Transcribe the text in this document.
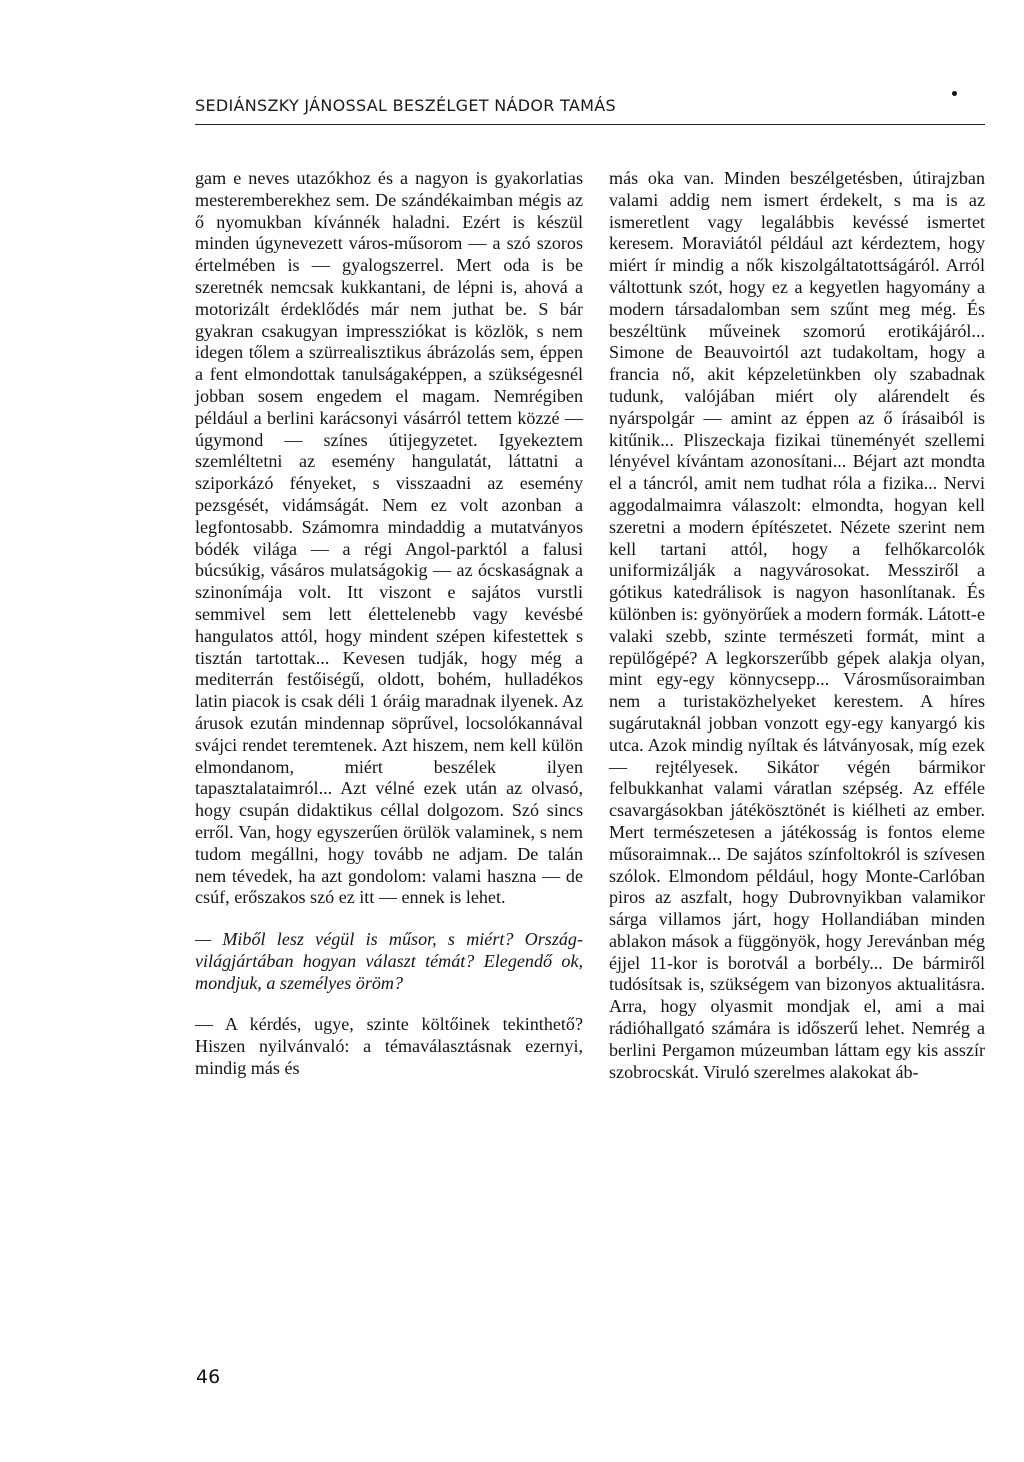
SEDIÁNSZKY JÁNOSSAL BESZÉLGET NÁDOR TAMÁS

gam e neves utazókhoz és a nagyon is gyakorlatias mesteremberekhez sem. De szándékaimban mégis az ő nyomukban kívánnék haladni. Ezért is készül minden úgynevezett város-műsorom — a szó szoros értelmében is — gyalogszerrel. Mert oda is be szeretnék nemcsak kukkantani, de lépni is, ahová a motorizált érdeklődés már nem juthat be. S bár gyakran csakugyan impressziókat is közlök, s nem idegen tőlem a szürrealisztikus ábrázolás sem, éppen a fent elmondottak tanulságaképpen, a szükségesnél jobban sosem engedem el magam. Nemrégiben például a berlini karácsonyi vásárról tettem közzé — úgymond — színes útijegyzetet. Igyekeztem szemléltetni az esemény hangulatát, láttatni a sziporkázó fényeket, s visszaadni az esemény pezsgését, vidámságát. Nem ez volt azonban a legfontosabb. Számomra mindaddig a mutatványos bódék világa — a régi Angol-parktól a falusi búcsúkig, vásáros mulatságokig — az ócskaságnak a szinonímája volt. Itt viszont e sajátos vurstli semmivel sem lett élettelenebb vagy kevésbé hangulatos attól, hogy mindent szépen kifestettek s tisztán tartottak... Kevesen tudják, hogy még a mediterrán festőiségű, oldott, bohém, hulladékos latin piacok is csak déli 1 óráig maradnak ilyenek. Az árusok ezután mindennap söprűvel, locsolókannával svájci rendet teremtenek. Azt hiszem, nem kell külön elmondanom, miért beszélek ilyen tapasztalataimról... Azt vélné ezek után az olvasó, hogy csupán didaktikus céllal dolgozom. Szó sincs erről. Van, hogy egyszerűen örülök valaminek, s nem tudom megállni, hogy tovább ne adjam. De talán nem tévedek, ha azt gondolom: valami haszna — de csúf, erőszakos szó ez itt — ennek is lehet.

— Miből lesz végül is műsor, s miért? Ország-világjártában hogyan választ témát? Elegendő ok, mondjuk, a személyes öröm?

— A kérdés, ugye, szinte költőinek tekinthető? Hiszen nyilvánvaló: a témaválasztásnak ezernyi, mindig más és

más oka van. Minden beszélgetésben, útirajzban valami addig nem ismert érdekelt, s ma is az ismeretlent vagy legalábbis kevéssé ismertet keresem. Moraviától például azt kérdeztem, hogy miért ír mindig a nők kiszolgáltatottságáról. Arról váltottunk szót, hogy ez a kegyetlen hagyomány a modern társadalomban sem szűnt meg még. És beszéltünk műveinek szomorú erotikájáról... Simone de Beauvoirtól azt tudakoltam, hogy a francia nő, akit képzeletünkben oly szabadnak tudunk, valójában miért oly alárendelt és nyárspolgár — amint az éppen az ő írásaiból is kitűnik... Pliszeckaja fizikai tüneményét szellemi lényével kívántam azonosítani... Béjart azt mondta el a táncról, amit nem tudhat róla a fizika... Nervi aggodalmaimra válaszolt: elmondta, hogyan kell szeretni a modern építészetet. Nézete szerint nem kell tartani attól, hogy a felhőkarcolók uniformizálják a nagyvárosokat. Messziről a gótikus katedrálisok is nagyon hasonlítanak. És különben is: gyönyörűek a modern formák. Látott-e valaki szebb, szinte természeti formát, mint a repülőgépé? A legkorszerűbb gépek alakja olyan, mint egy-egy könnycsepp... Városműsoraimban nem a turistaközhelyeket kerestem. A híres sugárutaknál jobban vonzott egy-egy kanyargó kis utca. Azok mindig nyíltak és látványosak, míg ezek — rejtélyesek. Sikátor végén bármikor felbukkanhat valami váratlan szépség. Az efféle csavargásokban játékösztönét is kiélheti az ember. Mert természetesen a játékosság is fontos eleme műsoraimnak... De sajátos színfoltokról is szívesen szólok. Elmondom például, hogy Monte-Carlóban piros az aszfalt, hogy Dubrovnyikban valamikor sárga villamos járt, hogy Hollandiában minden ablakon mások a függönyök, hogy Jerevánban még éjjel 11-kor is borotvál a borbély... De bármiről tudósítsak is, szükségem van bizonyos aktualitásra. Arra, hogy olyasmit mondjak el, ami a mai rádióhallgató számára is időszerű lehet. Nemrég a berlini Pergamon múzeumban láttam egy kis asszír szobrocskát. Viruló szerelmes alakokat áb-

46
